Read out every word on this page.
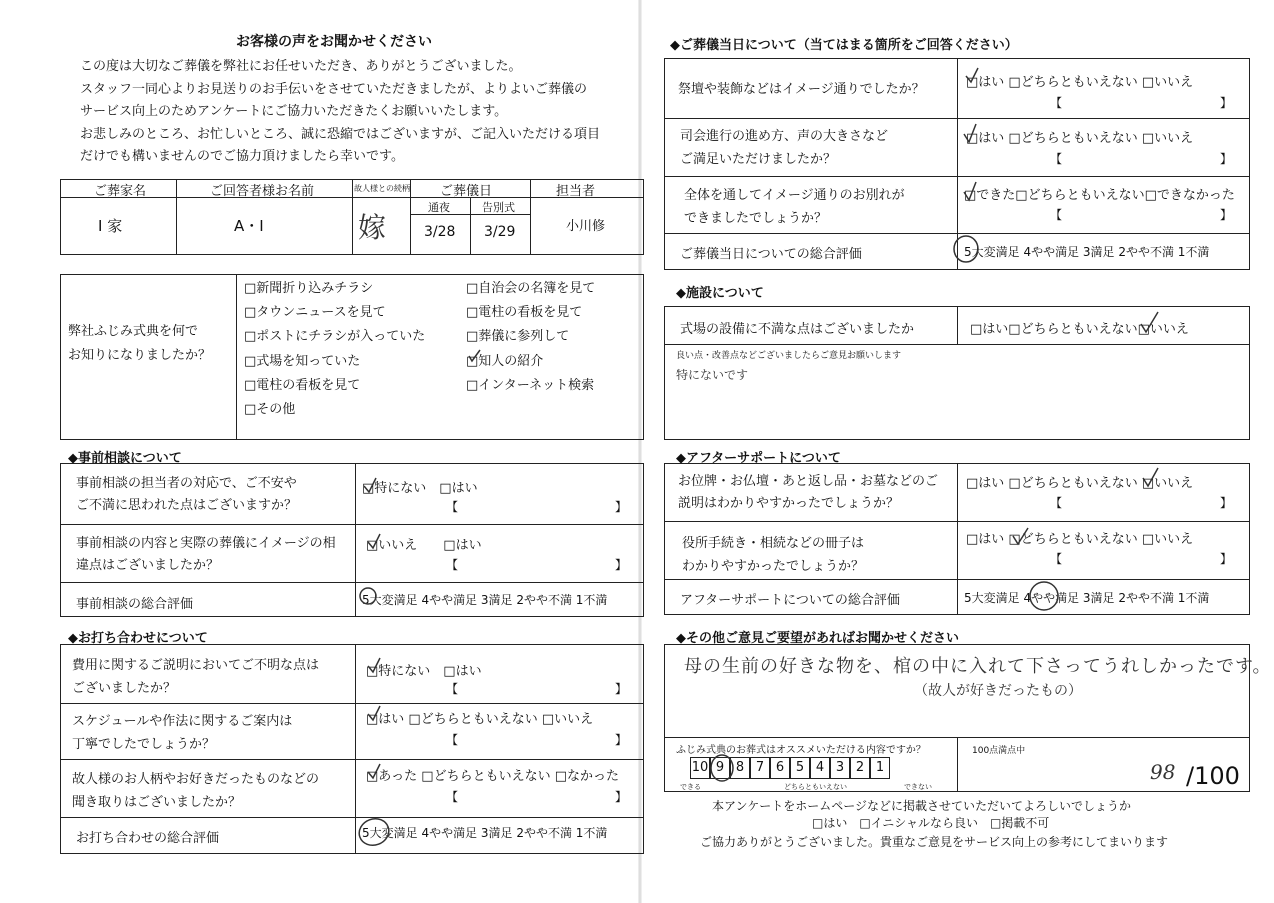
お客様の声をお聞かせください
この度は大切なご葬儀を弊社にお任せいただき、ありがとうございました。
スタッフ一同心よりお見送りのお手伝いをさせていただきましたが、よりよいご葬儀の
サービス向上のためアンケートにご協力いただきたくお願いいたします。
お悲しみのところ、お忙しいところ、誠に恐縮ではございますが、ご記入いただける項目
だけでも構いませんのでご協力頂けましたら幸いです。
ご葬家名	ご回答者様お名前	故人様との続柄 ご葬儀日	担当者
通夜	告別式
I 家	A・I	嫁	3/28 3/29	小川修
弊社ふじみ式典を何で
お知りになりましたか？
□新聞折り込みチラシ
□タウンニュースを見て
□ポストにチラシが入っていた
□式場を知っていた
□電柱の看板を見て
□その他
□自治会の名簿を見て
□電柱の看板を見て
□葬儀に参列して
□知人の紹介
□インターネット検索
◆事前相談について
事前相談の担当者の対応で、ご不安や
ご不満に思われた点はございますか？
□特にない　□はい
【	】
事前相談の内容と実際の葬儀にイメージの相
違点はございましたか？
□いいえ　　□はい
【	】
事前相談の総合評価	5大変満足 4やや満足 3満足 2やや不満 1不満
◆お打ち合わせについて
費用に関するご説明においてご不明な点は
ございましたか？
□特にない　□はい
【	】
スケジュールや作法に関するご案内は
丁寧でしたでしょうか？
□はい □どちらともいえない □いいえ
【	】
故人様のお人柄やお好きだったものなどの
聞き取りはございましたか？
□あった □どちらともいえない □なかった
【	】
お打ち合わせの総合評価	5大変満足 4やや満足 3満足 2やや不満 1不満
◆ご葬儀当日について（当てはまる箇所をご回答ください）
祭壇や装飾などはイメージ通りでしたか？	□はい □どちらともいえない □いいえ
【	】
司会進行の進め方、声の大きさなど
ご満足いただけましたか？
□はい □どちらともいえない □いいえ
【	】
全体を通してイメージ通りのお別れが
できましたでしょうか？
□できた□どちらともいえない□できなかった
【	】
ご葬儀当日についての総合評価	5大変満足 4やや満足 3満足 2やや不満 1不満
◆施設について
式場の設備に不満な点はございましたか	□はい□どちらともいえない□いいえ
良い点・改善点などございましたらご意見お願いします
特にないです
◆アフターサポートについて
お位牌・お仏壇・あと返し品・お墓などのご
説明はわかりやすかったでしょうか？
□はい □どちらともいえない □いいえ
【	】
役所手続き・相続などの冊子は
わかりやすかったでしょうか？
□はい □どちらともいえない □いいえ
【	】
アフターサポートについての総合評価	5大変満足 4やや満足 3満足 2やや不満 1不満
◆その他ご意見ご要望があればお聞かせください
母の生前の好きな物を、棺の中に入れて下さってうれしかったです。
（故人が好きだったもの）
ふじみ式典のお葬式はオススメいただける内容ですか？
10 9 8 7 6 5 4 3 2 1
できる	どちらともいえない	できない
100点満点中
98 /100
本アンケートをホームページなどに掲載させていただいてよろしいでしょうか
□はい　□イニシャルなら良い　□掲載不可
ご協力ありがとうございました。貴重なご意見をサービス向上の参考にしてまいります
